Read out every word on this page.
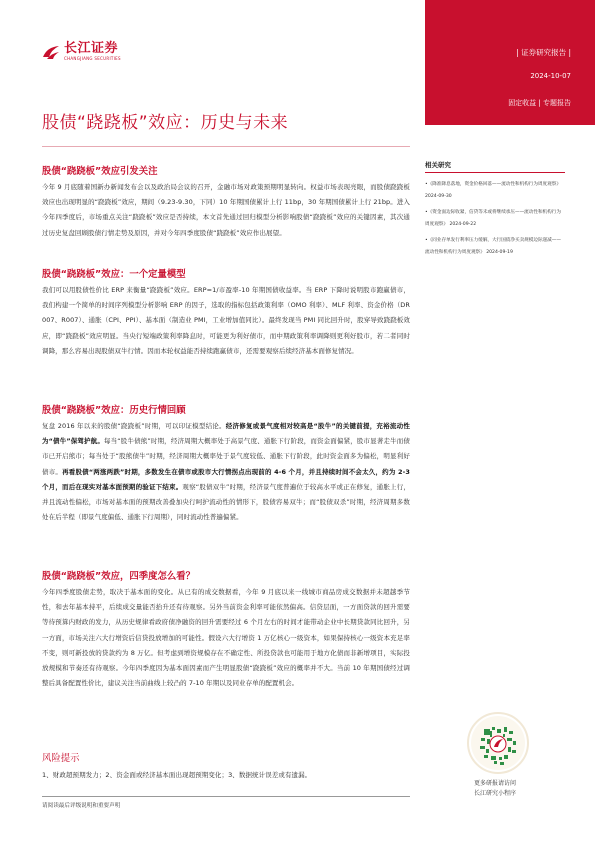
长江证券
CHANGJIANG SECURITIES
| 证券研究报告 |
2024-10-07
固定收益 | 专题报告
股债“跷跷板”效应：历史与未来
股债“跷跷板”效应引发关注
今年 9 月底随着国新办新闻发布会以及政治局会议的召开，金融市场对政策预期明显转向。权益市场表现亮眼，而股债跷跷板效应也出现明显的“跷跷板”效应，期间（9.23-9.30，下同）10 年期国债累计上行 11bp，30 年期国债累计上行 21bp。进入今年四季度后，市场重点关注“跷跷板”效应是否持续，本文首先通过回归模型分析影响股债“跷跷板”效应的关键因素，其次通过历史复盘回顾股债行情走势及原因，并对今年四季度股债“跷跷板”效应作出展望。
股债“跷跷板”效应：一个定量模型
我们可以用股债性价比 ERP 来衡量“跷跷板”效应。ERP=1/市盈率-10 年期国债收益率。当 ERP 下降时说明股市跑赢债市，我们构建一个简单的时间序列模型分析影响 ERP 的因子，选取的指标包括政策利率（OMO 利率）、MLF 利率、资金价格（DR007、R007）、通胀（CPI、PPI）、基本面（制造业 PMI，工业增加值同比）。最终发现当 PMI 同比回升时，股穿导致跷跷板效应，即“跷跷板”效应明显。当央行短端政策利率降息时，可能更为利好债市，而中期政策利率调降则更利好股市，若二者同时调降，那么容易出现股债双牛行情。因而本轮权益能否持续跑赢债市，还需要观察后续经济基本面修复情况。
股债“跷跷板”效应：历史行情回顾
复盘 2016 年以来的股债“跷跷板”时期，可以印证模型结论。经济修复或景气度相对较高是“股牛”的关键前提，充裕流动性为“债牛”保驾护航。每当“股牛债熊”时期，经济周期大概率处于高景气度、通胀下行阶段，而资金面偏紧，股市显著走牛而债市已开启熊市；每当处于“股熊债牛”时期，经济周期大概率处于景气度较低、通胀下行阶段，此时资金面多为偏松，明显利好债市。再看股债“两涨两跌”时期，多数发生在债市或股市大行情拐点出现前的 4-6 个月，并且持续时间不会太久，约为 2-3 个月，而后在现实对基本面预期的验证下结束。观察“股债双牛”时期，经济景气度普遍位于较高水平或正在修复，通胀上行，并且流动性偏松，市场对基本面的预期改善叠加央行呵护流动性的情形下，股债容易双牛；而“股债双杀”时期，经济周期多数处在后半程（即景气度偏低、通胀下行周期），同时流动性普遍偏紧。
股债“跷跷板”效应，四季度怎么看？
今年四季度股债走势，取决于基本面的变化。从已有的成交数据看，今年 9 月底以来一线城市商品房成交数据并未超越季节性，和去年基本持平，后续成交量能否抬升还有待观察。另外当前资金利率可能依然偏高。信贷层面，一方面贷款的回升需要等待预算内财政的发力，从历史规律看政府债净融资的回升需要经过 6 个月左右的时间才能带动企业中长期贷款同比回升，另一方面，市场关注六大行增资后信贷投放增加的可能性。假设六大行增资 1 万亿核心一级资本，如果保持核心一级资本充足率不变，则可新投放的贷款约为 8 万亿。但考虑到增资规模存在不确定性、所投贷款也可能用于地方化债而非新增项目，实际投放规模和节奏还有待观察。今年四季度因为基本面因素而产生明显股债“跷跷板”效应的概率并不大。当前 10 年期国债经过调整后具备配置性价比，建议关注当前曲线上较凸的 7-10 年期以及同业存单的配置机会。
风险提示
1、财政超预期发力；2、资金面或经济基本面出现超预期变化；3、数据统计误差或有遗漏。
请阅读最后评级说明和重要声明
相关研究
•《降准降息落地，资金价格回落——流动性和机构行为周度观察》 2024-09-30
•《资金面边际收紧，信贷等未或将继续承压——流动性和机构行为周度观察》 2024-09-22
•《同业存单发行利率压力缓解，大行国债净买卖规模边际递减——流动性和机构行为周度观察》 2024-09-19
更多研报请访问
长江研究小程序
